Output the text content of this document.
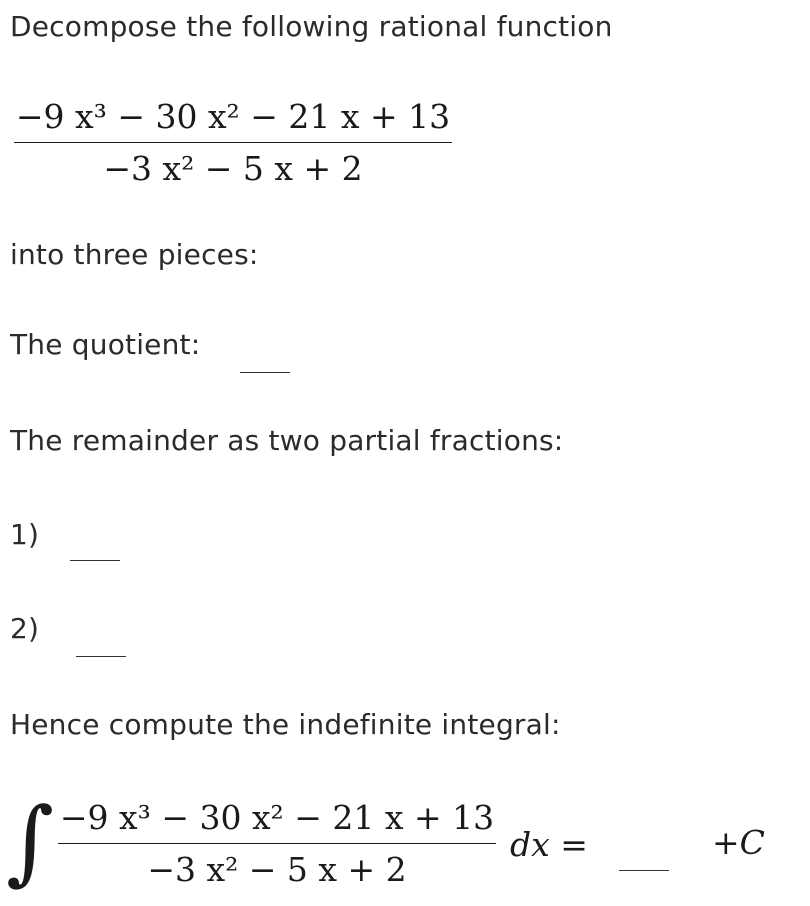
Decompose the following rational function
−9 x³ − 30 x² − 21 x + 13
−3 x² − 5 x + 2
into three pieces:
The quotient:
The remainder as two partial fractions:
1)
2)
Hence compute the indefinite integral:
∫ −9 x³ − 30 x² − 21 x + 13
−3 x² − 5 x + 2
dx =	+C
